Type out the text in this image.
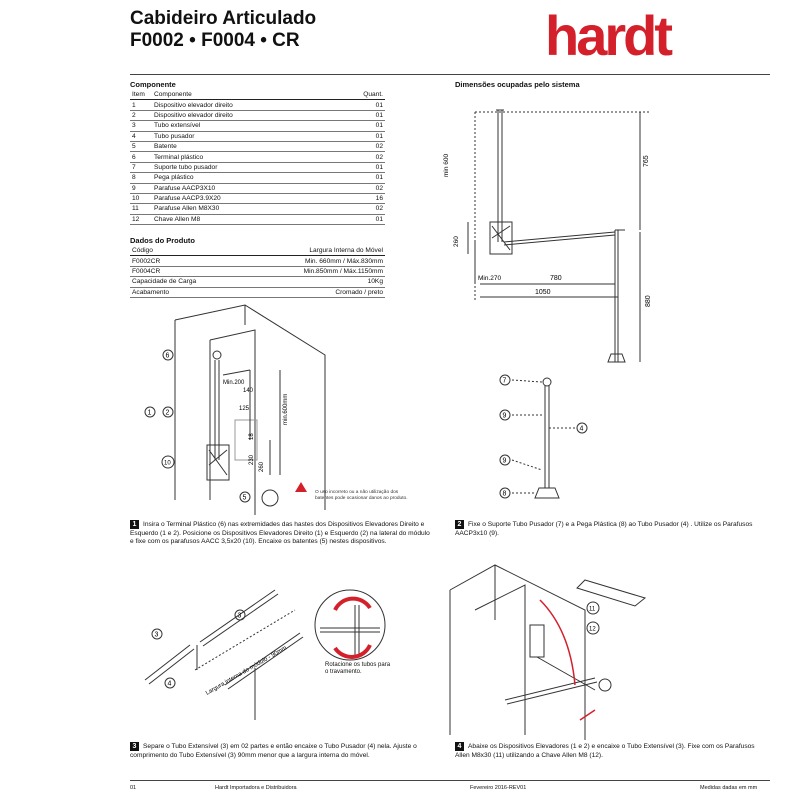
Cabideiro Articulado
F0002 • F0004 • CR	hardt
Componente
Item	Componente	Quant.
1	Dispositivo elevador direito	01
2	Dispositivo elevador direito	01
3	Tubo extensível	01
4	Tubo pusador	01
5	Batente	02
6	Terminal plástico	02
7	Suporte tubo pusador	01
8	Pega plástico	01
9	Parafuse AACP3X10	02
10	Parafuse AACP3.9X20	16
11	Parafuse Allen M8X30	02
12	Chave Allen M8	01
Dados do Produto
Código	Largura Interna do Móvel
F0002CR	Min. 660mm / Máx.830mm
F0004CR	Min.850mm / Máx.1150mm
Capacidade de Carga	10Kg
Acabamento	Cromado / preto
Dimensões ocupadas pelo sistema
min 600	765
260
Min.270	780
1050
880
6
1 2
10
5
Min.200
140
125
18
230
260
min.600mm
O uso incorreto ou a não utilização dos batentes pode ocasionar danos ao produto.
7
9
9
4
8
1 Insira o Terminal Plástico (6) nas extremidades das hastes dos Dispositivos Elevadores Direito e Esquerdo (1 e 2). Posicione os Dispositivos Elevadores Direito (1) e Esquerdo (2) na lateral do módulo e fixe com os parafusos AACC 3,5x20 (10). Encaixe os batentes (5) nestes dispositivos.
2 Fixe o Suporte Tubo Pusador (7) e a Pega Plástica (8) ao Tubo Pusador (4) . Utilize os Parafusos AACP3x10 (9).
3
3
4	Largura interna do módulo - 90mm	Rotacione os tubos para o travamento.
11
12
3 Separe o Tubo Extensível (3) em 02 partes e então encaixe o Tubo Pusador (4) nela. Ajuste o comprimento do Tubo Extensível (3) 90mm menor que a largura interna do móvel.
4 Abaixe os Dispositivos Elevadores (1 e 2) e encaixe o Tubo Extensível (3). Fixe com os Parafusos Allen M8x30 (11) utilizando a Chave Allen M8 (12).
01	Hardt Importadora e Distribuidora	Fevereiro 2016-REV01	Medidas dadas em mm
